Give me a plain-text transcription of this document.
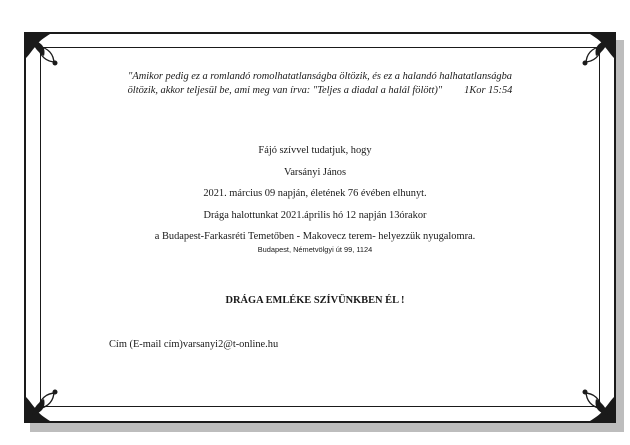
"Amikor pedig ez a romlandó romolhatatlanságba öltözik, és ez a halandó halhatatlanságba
öltözik, akkor teljesül be, ami meg van írva: "Teljes a diadal a halál fölött)" 1Kor 15:54
Fájó szívvel tudatjuk, hogy
Varsányi János
2021. március 09 napján, életének 76 évében elhunyt.
Drága halottunkat 2021.április hó 12 napján 13órakor
a Budapest-Farkasréti Temetőben - Makovecz terem- helyezzük nyugalomra.
Budapest, Németvölgyi út 99, 1124
DRÁGA EMLÉKE SZÍVÜNKBEN ÉL !
Cím (E-mail cím)varsanyi2@t-online.hu
